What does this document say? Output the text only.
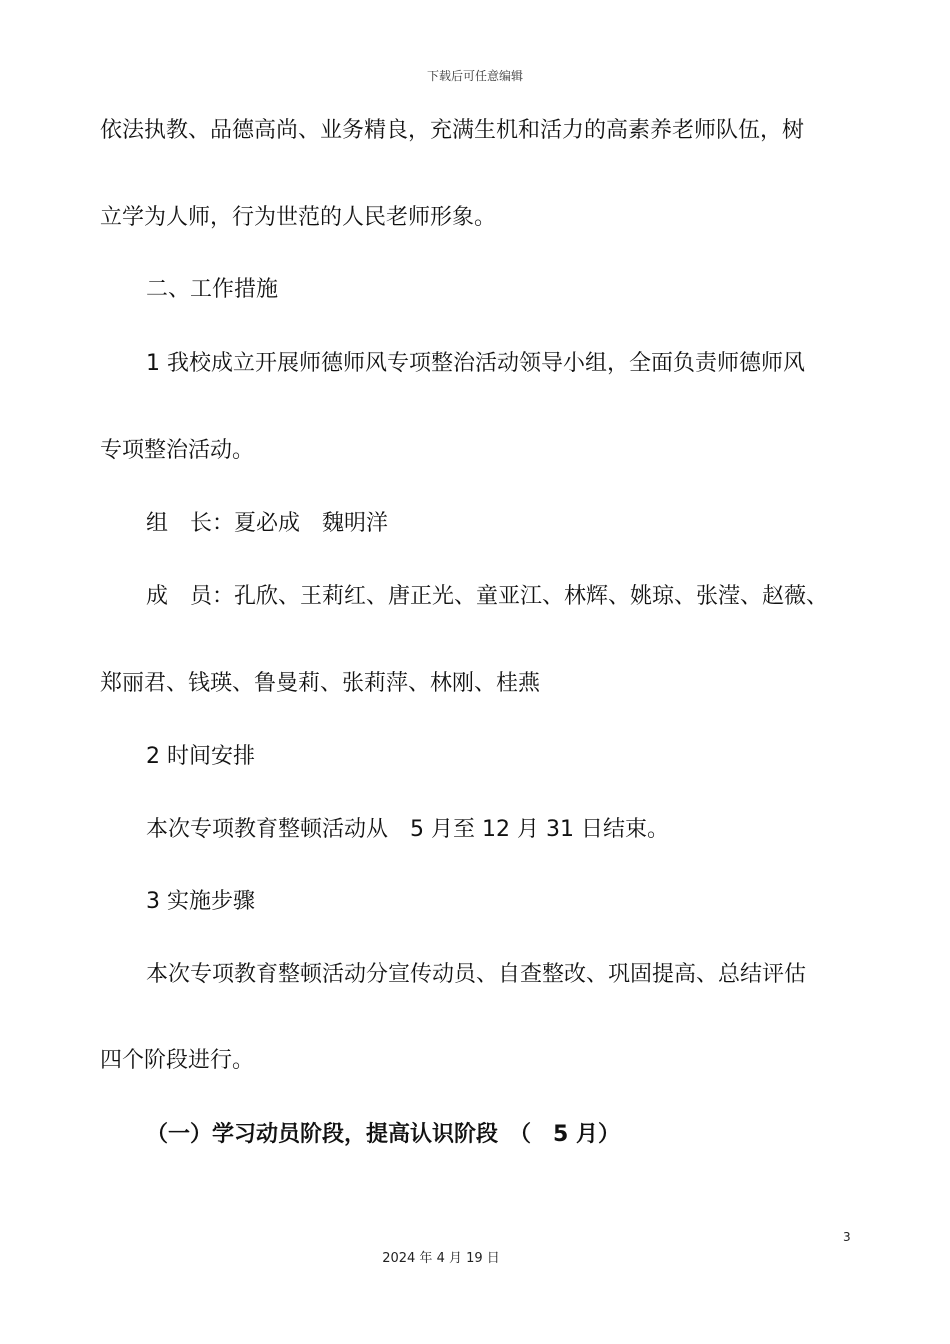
下载后可任意编辑
依法执教、品德高尚、业务精良，充满生机和活力的高素养老师队伍，树
立学为人师，行为世范的人民老师形象。
二、工作措施
1 我校成立开展师德师风专项整治活动领导小组，全面负责师德师风
专项整治活动。
组　长：夏必成　魏明洋
成　员：孔欣、王莉红、唐正光、童亚江、林辉、姚琼、张滢、赵薇、
郑丽君、钱瑛、鲁曼莉、张莉萍、林刚、桂燕
2 时间安排
本次专项教育整顿活动从　5 月至 12 月 31 日结束。
3 实施步骤
本次专项教育整顿活动分宣传动员、自查整改、巩固提高、总结评估
四个阶段进行。
（一）学习动员阶段，提高认识阶段　（　5 月）
3
2024 年 4 月 19 日
